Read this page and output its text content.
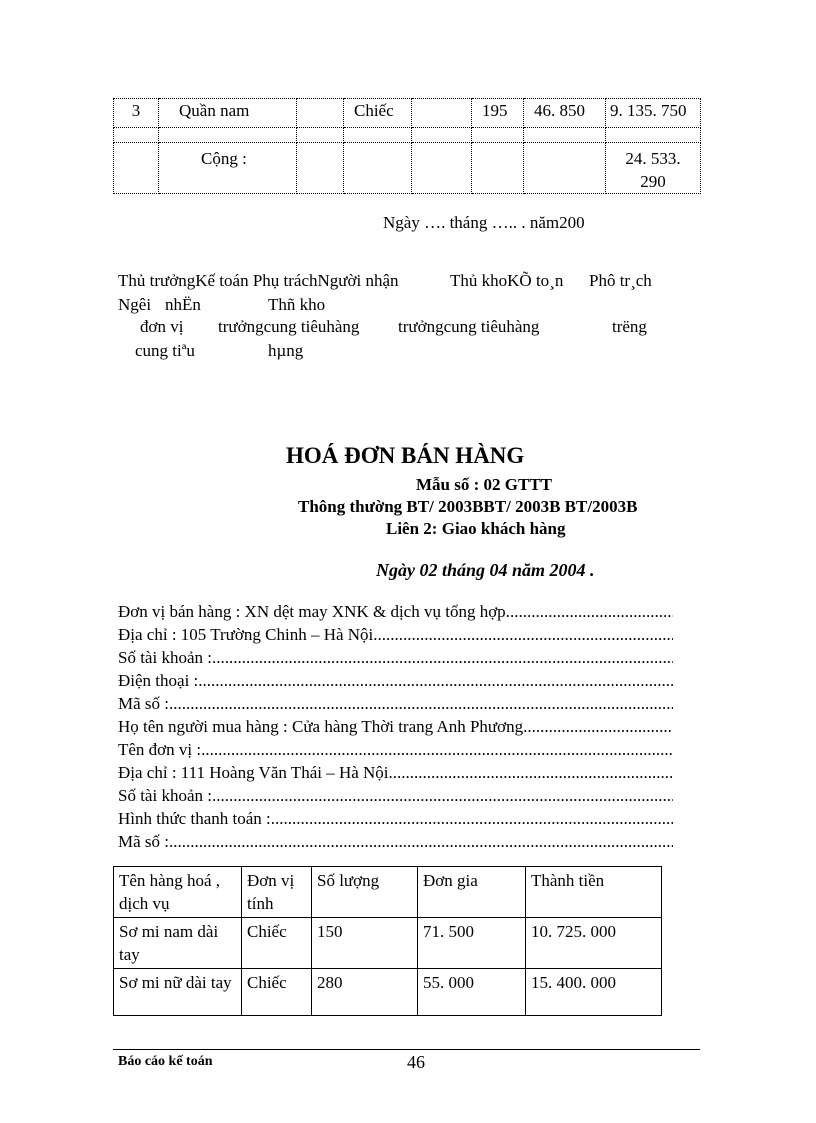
3	Quần nam		Chiếc		195	46. 850	9. 135. 750

	Cộng :						24. 533.
290
Ngày …. tháng ….. . năm200
Thủ trưởngKế toán Phụ tráchNgười nhận	Thủ khoKÕ to¸n Phô tr¸ch
Ngêi nhËn	Thñ kho
đơn vị trưởngcung tiêuhàng trưởngcung tiêuhàng	trëng
cung tiªu	hµng
HOÁ ĐƠN BÁN HÀNG
Mẫu số : 02 GTTT
Thông thường BT/ 2003BBT/ 2003B BT/2003B
Liên 2: Giao khách hàng
Ngày 02 tháng 04 năm 2004 .
Đơn vị bán hàng : XN dệt may XNK & dịch vụ tổng hợp
.....
Địa chỉ : 105 Trường Chinh – Hà Nội
.....
Số tài khoản :
.....
Điện thoại :
.....
Mã số :
.....
Họ tên người mua hàng : Cửa hàng Thời trang Anh Phương
.....
Tên đơn vị :
.....
Địa chỉ : 111 Hoàng Văn Thái – Hà Nội
.....
Số tài khoản :
.....
Hình thức thanh toán :
.....
Mã số :
.....
Tên hàng hoá , dịch vụ	Đơn vị tính	Số lượng	Đơn gia	Thành tiền
Sơ mi nam dài tay	Chiếc	150	71. 500	10. 725. 000
Sơ mi nữ dài tay	Chiếc	280	55. 000	15. 400. 000
Báo cáo kế toán	46
